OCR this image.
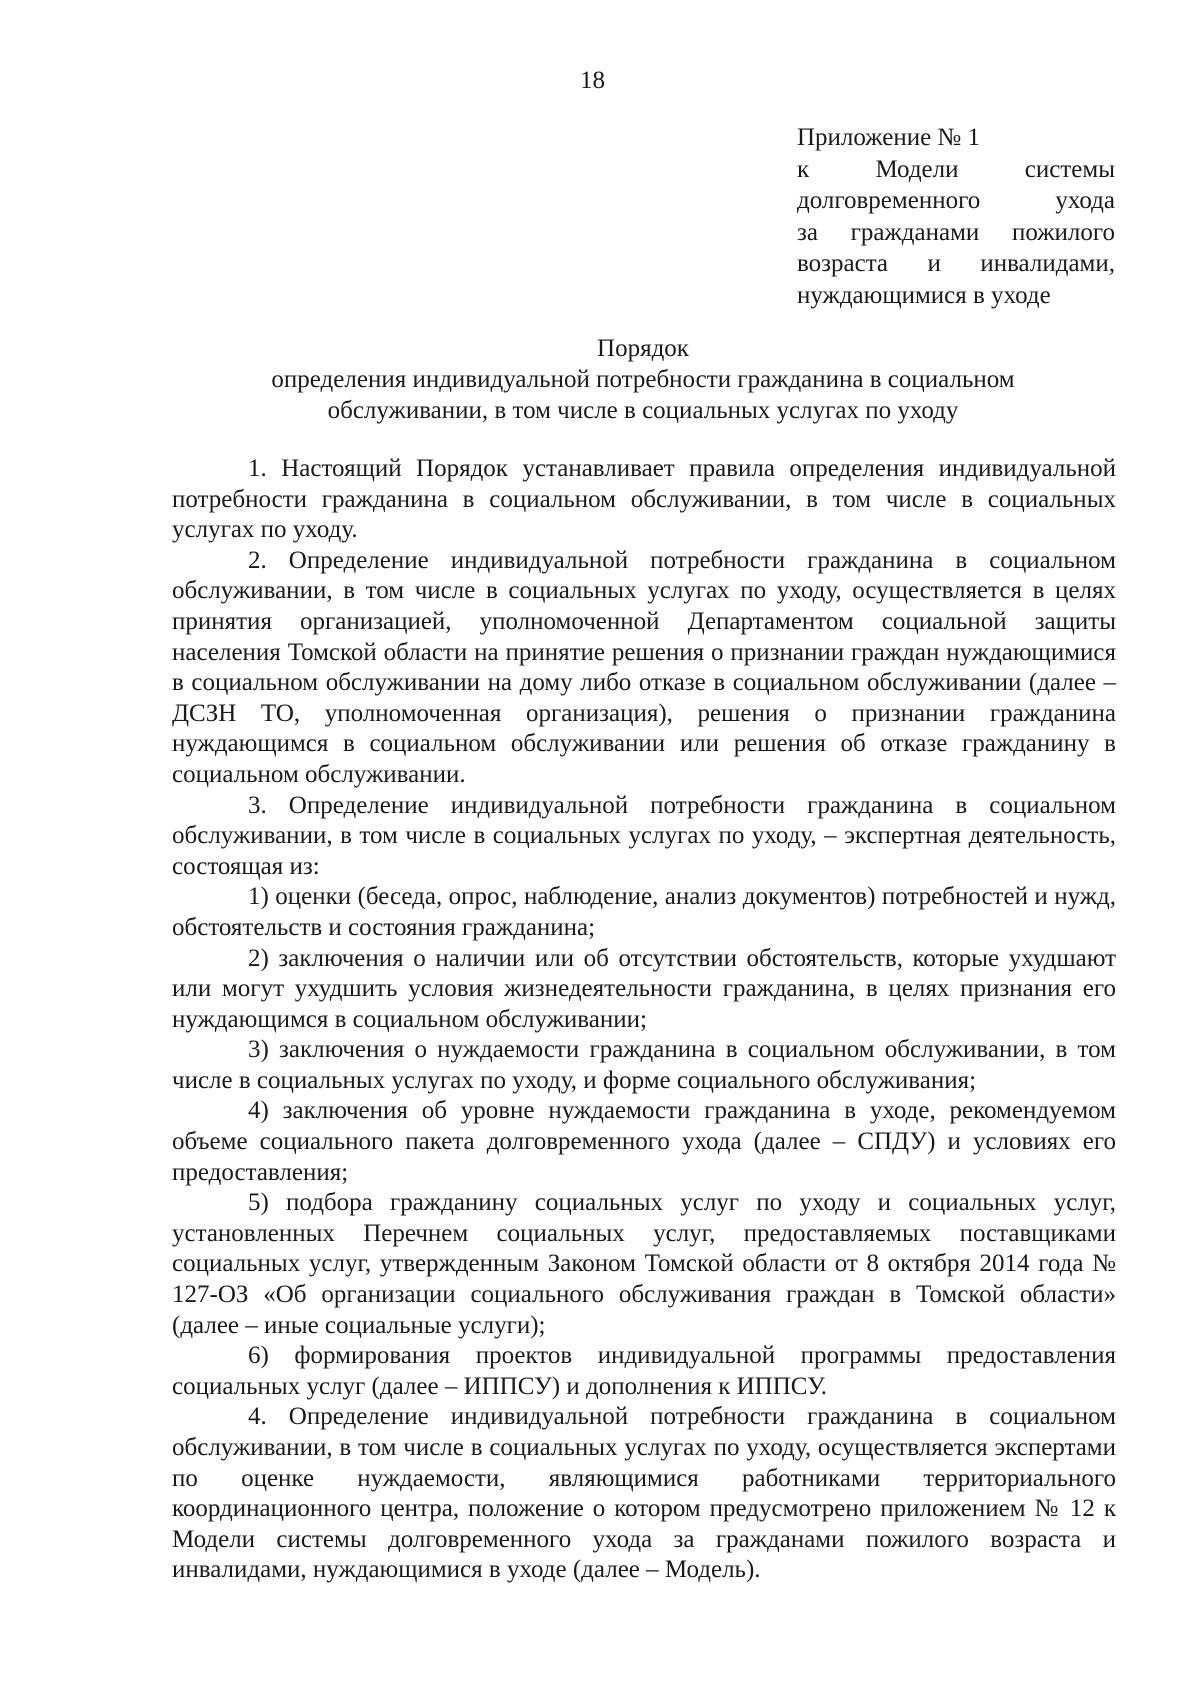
18
Приложение № 1
к	Модели	системы
долговременного	ухода
за гражданами пожилого
возраста и инвалидами,
нуждающимися в уходе
Порядок
определения индивидуальной потребности гражданина в социальном
обслуживании, в том числе в социальных услугах по уходу

1. Настоящий Порядок устанавливает правила определения индивидуальной потребности гражданина в социальном обслуживании, в том числе в социальных услугах по уходу.

2. Определение индивидуальной потребности гражданина в социальном обслуживании, в том числе в социальных услугах по уходу, осуществляется в целях принятия организацией, уполномоченной Департаментом социальной защиты населения Томской области на принятие решения о признании граждан нуждающимися в социальном обслуживании на дому либо отказе в социальном обслуживании (далее – ДСЗН ТО, уполномоченная организация), решения о признании гражданина нуждающимся в социальном обслуживании или решения об отказе гражданину в социальном обслуживании.

3. Определение индивидуальной потребности гражданина в социальном обслуживании, в том числе в социальных услугах по уходу, – экспертная деятельность, состоящая из:

1) оценки (беседа, опрос, наблюдение, анализ документов) потребностей и нужд, обстоятельств и состояния гражданина;

2) заключения о наличии или об отсутствии обстоятельств, которые ухудшают или могут ухудшить условия жизнедеятельности гражданина, в целях признания его нуждающимся в социальном обслуживании;

3) заключения о нуждаемости гражданина в социальном обслуживании, в том числе в социальных услугах по уходу, и форме социального обслуживания;

4) заключения об уровне нуждаемости гражданина в уходе, рекомендуемом объеме социального пакета долговременного ухода (далее – СПДУ) и условиях его предоставления;

5) подбора гражданину социальных услуг по уходу и социальных услуг, установленных Перечнем социальных услуг, предоставляемых поставщиками социальных услуг, утвержденным Законом Томской области от 8 октября 2014 года № 127-ОЗ «Об организации социального обслуживания граждан в Томской области» (далее – иные социальные услуги);

6) формирования проектов индивидуальной программы предоставления социальных услуг (далее – ИППСУ) и дополнения к ИППСУ.

4. Определение индивидуальной потребности гражданина в социальном обслуживании, в том числе в социальных услугах по уходу, осуществляется экспертами по оценке нуждаемости, являющимися работниками территориального координационного центра, положение о котором предусмотрено приложением № 12 к Модели системы долговременного ухода за гражданами пожилого возраста и инвалидами, нуждающимися в уходе (далее – Модель).
